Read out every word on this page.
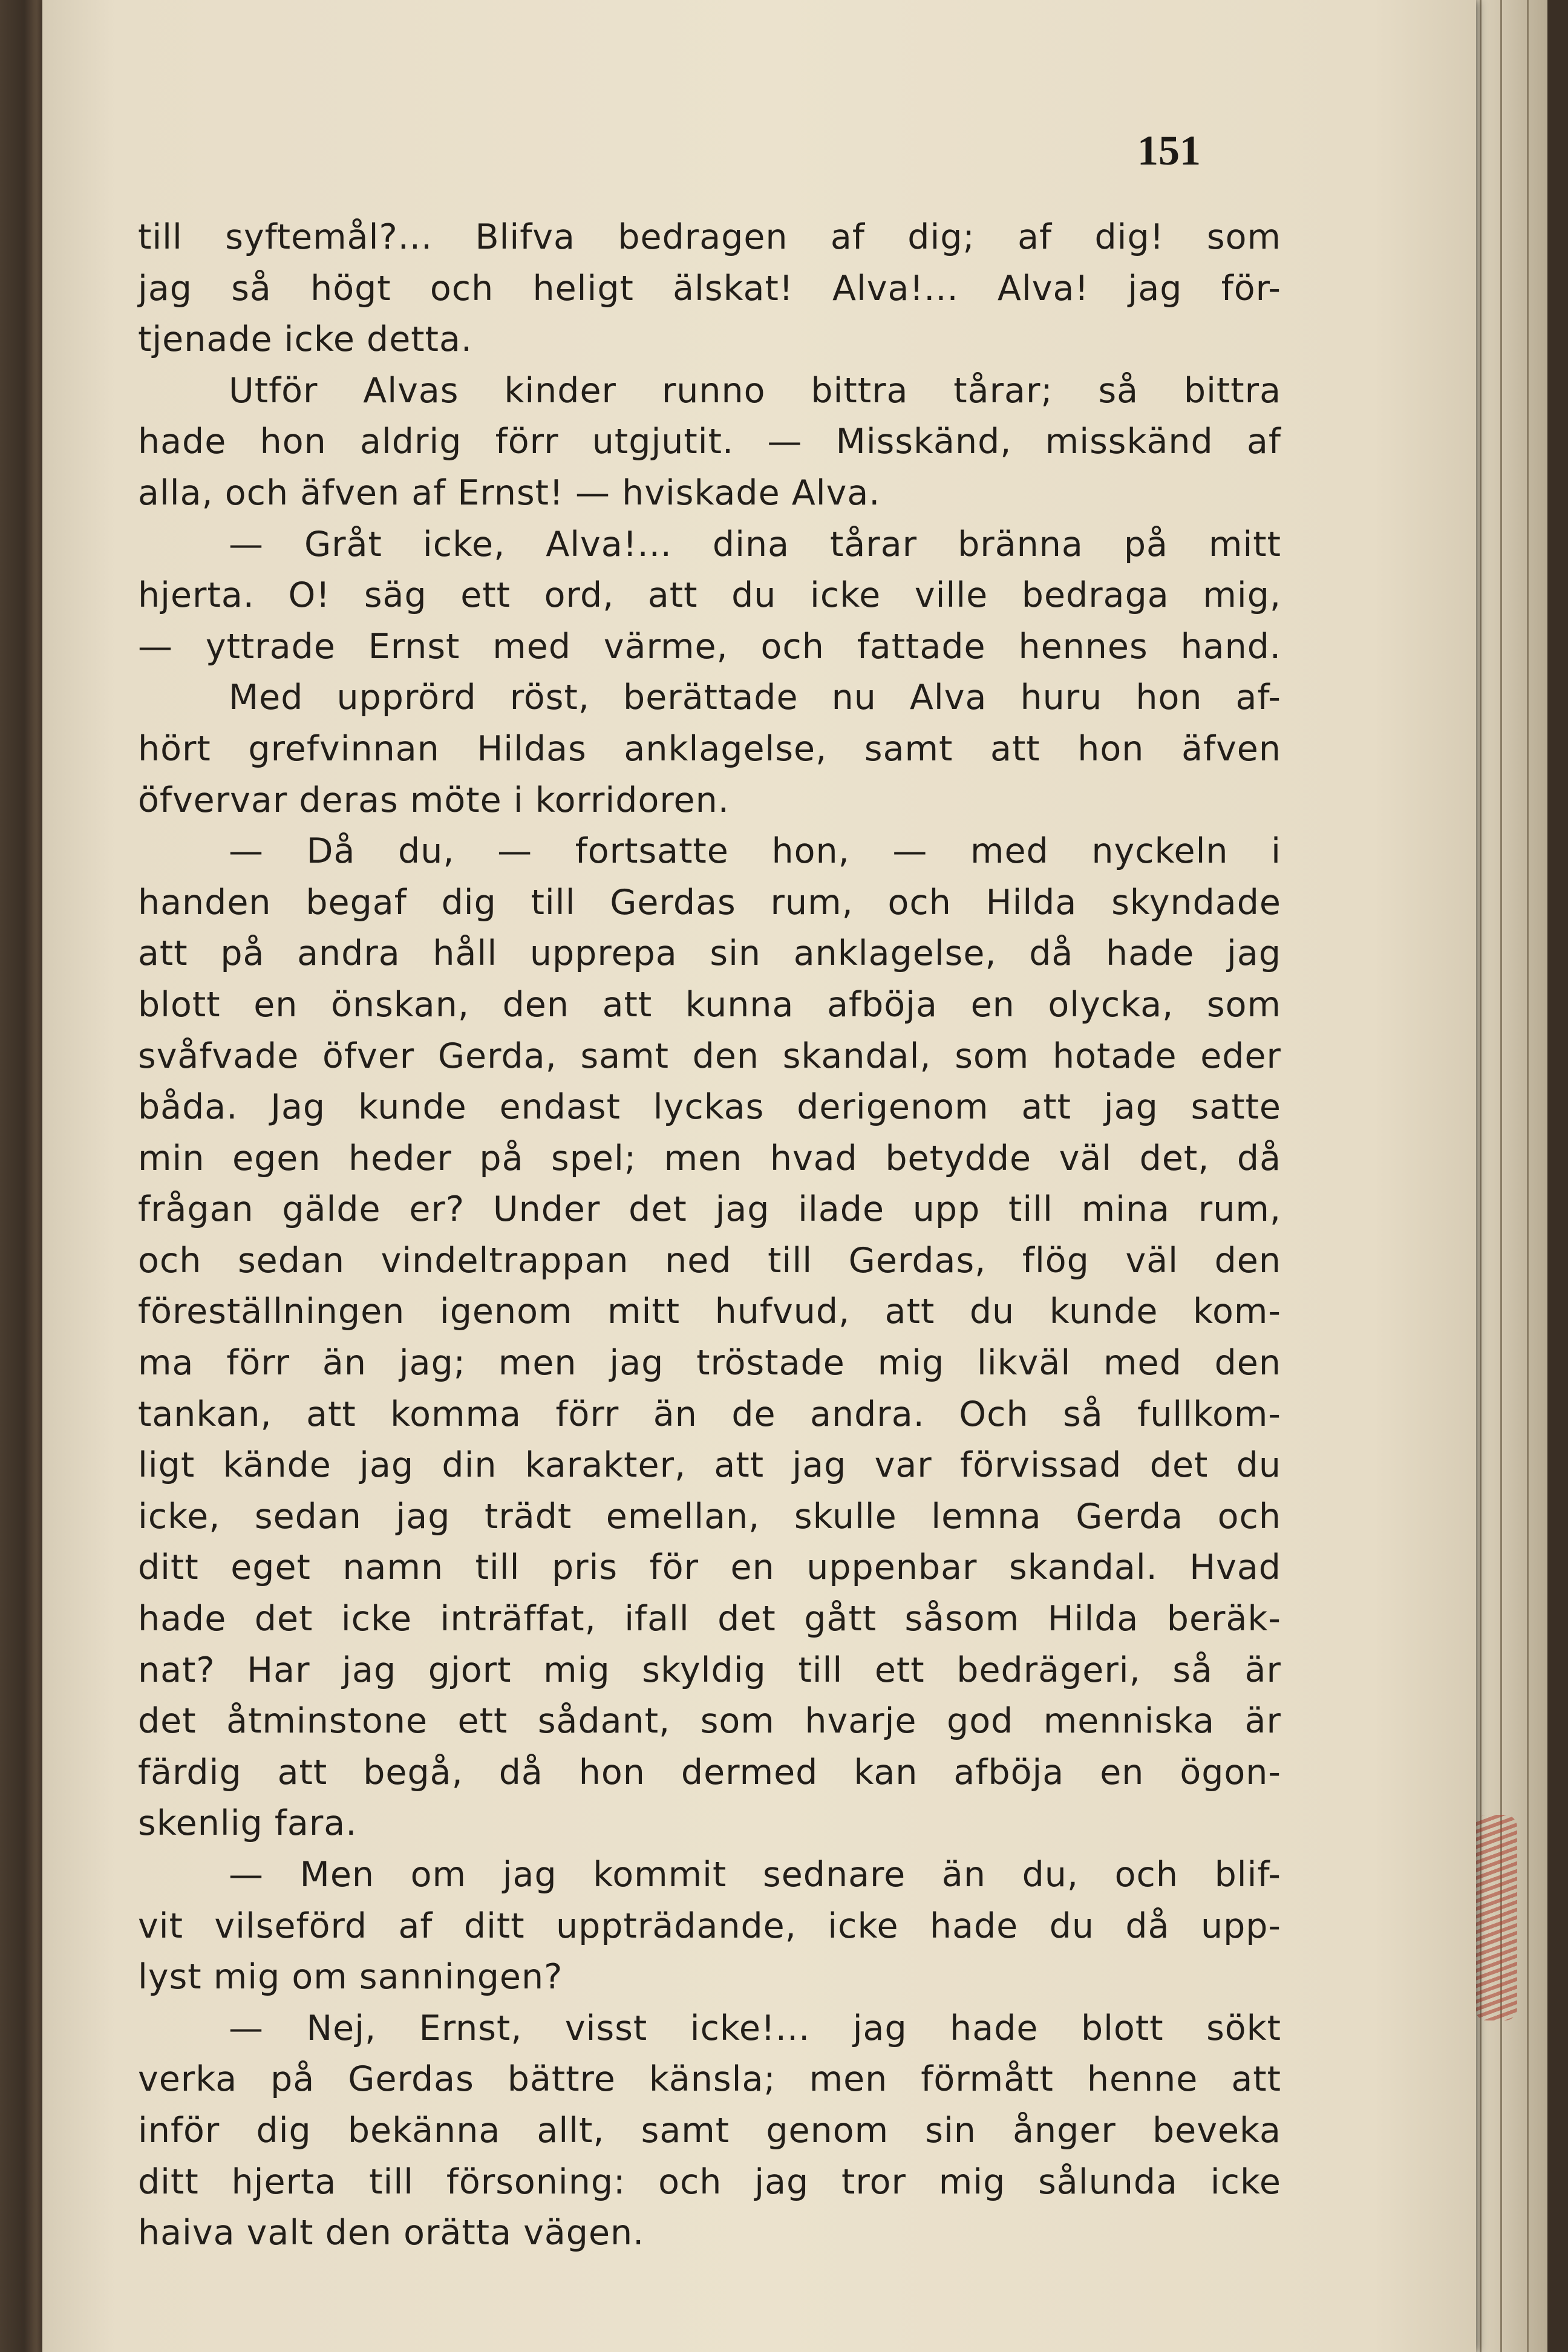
151
till syftemål?... Blifva bedragen af dig; af dig! som
jag så högt och heligt älskat! Alva!... Alva! jag för-
tjenade icke detta.
Utför Alvas kinder runno bittra tårar; så bittra
hade hon aldrig förr utgjutit. — Misskänd, misskänd af
alla, och äfven af Ernst! — hviskade Alva.
— Gråt icke, Alva!... dina tårar bränna på mitt
hjerta. O! säg ett ord, att du icke ville bedraga mig,
— yttrade Ernst med värme, och fattade hennes hand.
Med upprörd röst, berättade nu Alva huru hon af-
hört grefvinnan Hildas anklagelse, samt att hon äfven
öfvervar deras möte i korridoren.
— Då du, — fortsatte hon, — med nyckeln i
handen begaf dig till Gerdas rum, och Hilda skyndade
att på andra håll upprepa sin anklagelse, då hade jag
blott en önskan, den att kunna afböja en olycka, som
svåfvade öfver Gerda, samt den skandal, som hotade eder
båda. Jag kunde endast lyckas derigenom att jag satte
min egen heder på spel; men hvad betydde väl det, då
frågan gälde er? Under det jag ilade upp till mina rum,
och sedan vindeltrappan ned till Gerdas, flög väl den
föreställningen igenom mitt hufvud, att du kunde kom-
ma förr än jag; men jag tröstade mig likväl med den
tankan, att komma förr än de andra. Och så fullkom-
ligt kände jag din karakter, att jag var förvissad det du
icke, sedan jag trädt emellan, skulle lemna Gerda och
ditt eget namn till pris för en uppenbar skandal. Hvad
hade det icke inträffat, ifall det gått såsom Hilda beräk-
nat? Har jag gjort mig skyldig till ett bedrägeri, så är
det åtminstone ett sådant, som hvarje god menniska är
färdig att begå, då hon dermed kan afböja en ögon-
skenlig fara.
— Men om jag kommit sednare än du, och blif-
vit vilseförd af ditt uppträdande, icke hade du då upp-
lyst mig om sanningen?
— Nej, Ernst, visst icke!... jag hade blott sökt
verka på Gerdas bättre känsla; men förmått henne att
inför dig bekänna allt, samt genom sin ånger beveka
ditt hjerta till försoning: och jag tror mig sålunda icke
haiva valt den orätta vägen.
